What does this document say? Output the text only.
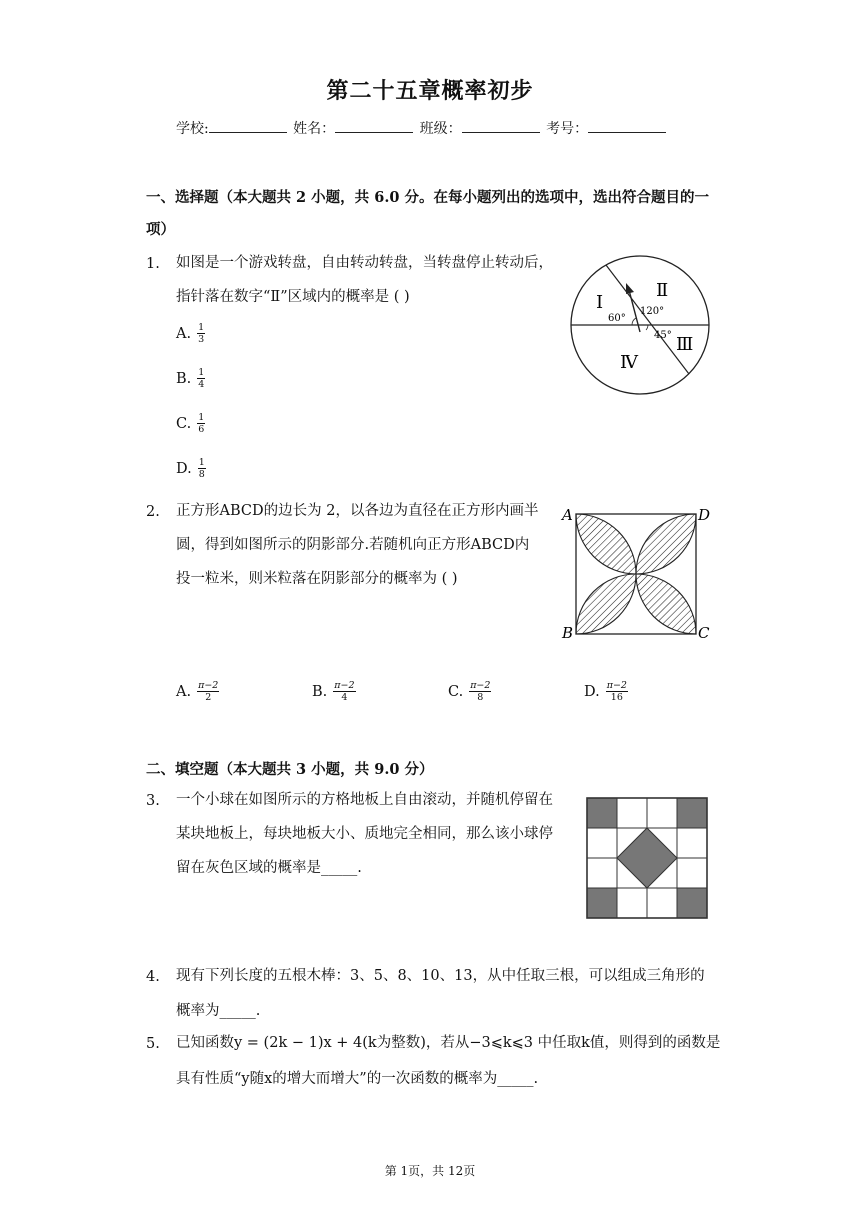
第二十五章概率初步
学校:	姓名：	班级：	考号：
一、选择题（本大题共 2 小题，共 6.0 分。在每小题列出的选项中，选出符合题目的一
项）
1. 如图是一个游戏转盘，自由转动转盘，当转盘停止转动后，
指针落在数字“Ⅱ”区域内的概率是 ( )
A. $\frac{1}{3}$
B. $\frac{1}{4}$
C. $\frac{1}{6}$
D. $\frac{1}{8}$
Ⅰ
Ⅱ
Ⅲ
Ⅳ
60°
120°
45°
2. 正方形ABCD的边长为 2，以各边为直径在正方形内画半
圆，得到如图所示的阴影部分.若随机向正方形ABCD内
投一粒米，则米粒落在阴影部分的概率为 ( )
A	D
B	C
A. $\frac{\pi-2}{2}$	B. $\frac{\pi-2}{4}$	C. $\frac{\pi-2}{8}$	D. $\frac{\pi-2}{16}$
二、填空题（本大题共 3 小题，共 9.0 分）
3. 一个小球在如图所示的方格地板上自由滚动，并随机停留在
某块地板上，每块地板大小、质地完全相同，那么该小球停
留在灰色区域的概率是_____.
4. 现有下列长度的五根木棒：3、5、8、10、13，从中任取三根，可以组成三角形的
概率为_____.
5. 已知函数y = (2k − 1)x + 4(k为整数)，若从−3⩽k⩽3 中任取k值，则得到的函数是
具有性质“y随x的增大而增大”的一次函数的概率为_____.
第 1页，共 12页
